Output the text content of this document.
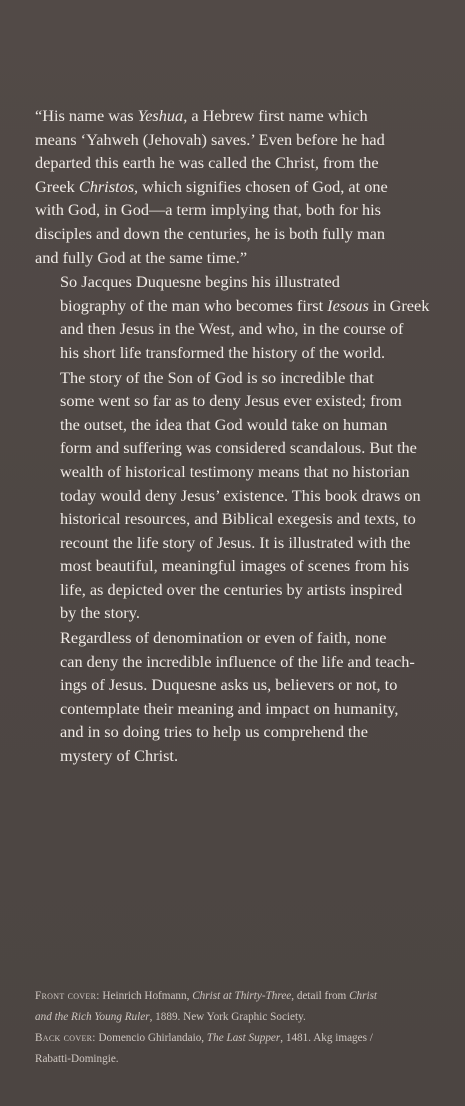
“His name was Yeshua, a Hebrew first name which
means ‘Yahweh (Jehovah) saves.’ Even before he had
departed this earth he was called the Christ, from the
Greek Christos, which signifies chosen of God, at one
with God, in God—a term implying that, both for his
disciples and down the centuries, he is both fully man
and fully God at the same time.”

So Jacques Duquesne begins his illustrated
biography of the man who becomes first Iesous in Greek
and then Jesus in the West, and who, in the course of
his short life transformed the history of the world.

The story of the Son of God is so incredible that
some went so far as to deny Jesus ever existed; from
the outset, the idea that God would take on human
form and suffering was considered scandalous. But the
wealth of historical testimony means that no historian
today would deny Jesus’ existence. This book draws on
historical resources, and Biblical exegesis and texts, to
recount the life story of Jesus. It is illustrated with the
most beautiful, meaningful images of scenes from his
life, as depicted over the centuries by artists inspired
by the story.

Regardless of denomination or even of faith, none
can deny the incredible influence of the life and teach-
ings of Jesus. Duquesne asks us, believers or not, to
contemplate their meaning and impact on humanity,
and in so doing tries to help us comprehend the
mystery of Christ.

Front cover: Heinrich Hofmann, Christ at Thirty-Three, detail from Christ
and the Rich Young Ruler, 1889. New York Graphic Society.
Back cover: Domencio Ghirlandaio, The Last Supper, 1481. Akg images /
Rabatti-Domingie.
